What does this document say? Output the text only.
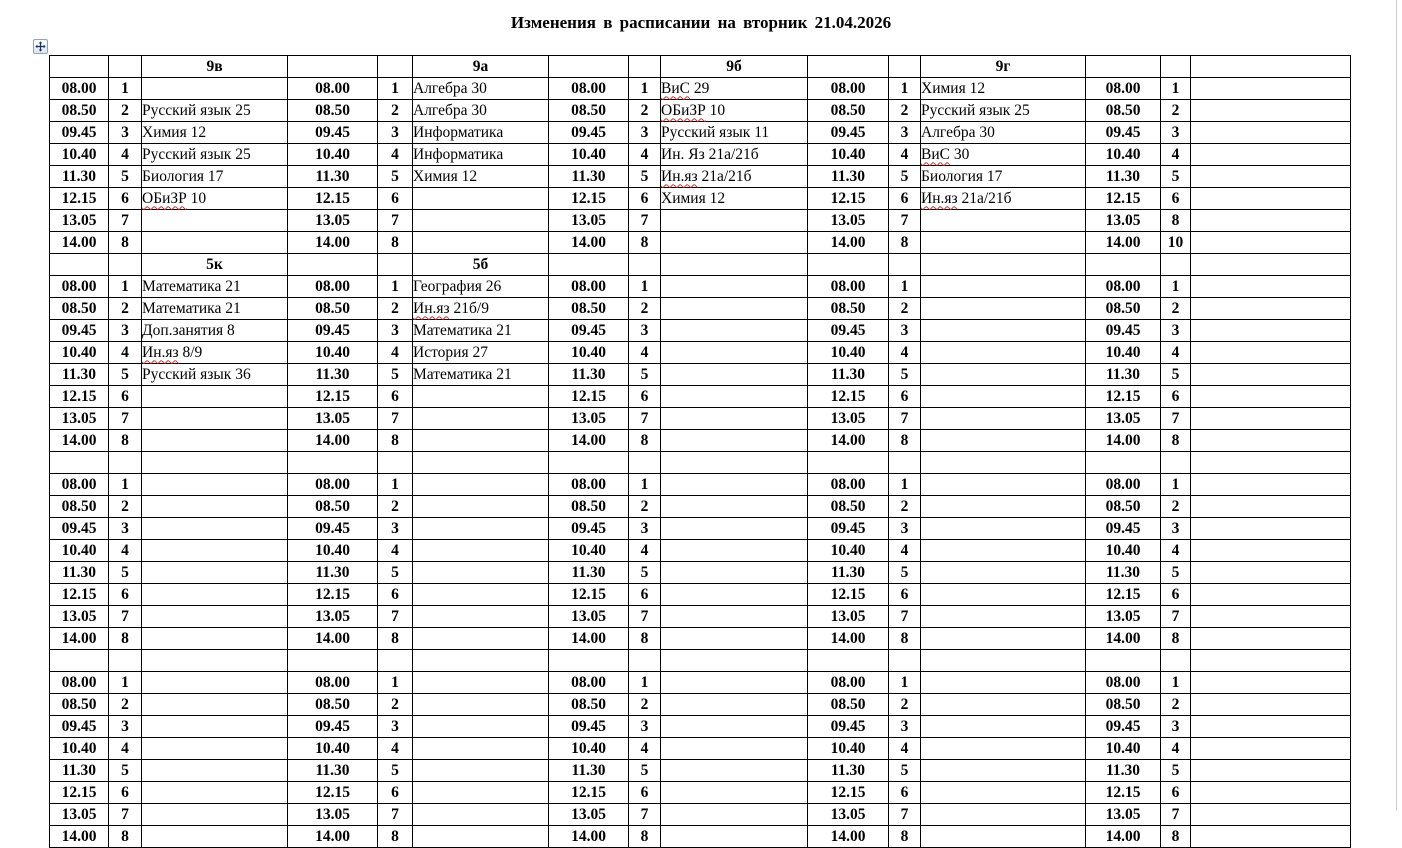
Изменения в расписании на вторник 21.04.2026
		9в			9а			9б			9г			
08.00	1		08.00	1	Алгебра 30	08.00	1	ВиС 29	08.00	1	Химия 12	08.00	1	
08.50	2	Русский язык 25	08.50	2	Алгебра 30	08.50	2	ОБиЗР 10	08.50	2	Русский язык 25	08.50	2	
09.45	3	Химия 12	09.45	3	Информатика	09.45	3	Русский язык 11	09.45	3	Алгебра 30	09.45	3	
10.40	4	Русский язык 25	10.40	4	Информатика	10.40	4	Ин. Яз 21а/21б	10.40	4	ВиС 30	10.40	4	
11.30	5	Биология 17	11.30	5	Химия 12	11.30	5	Ин.яз 21а/21б	11.30	5	Биология 17	11.30	5	
12.15	6	ОБиЗР 10	12.15	6		12.15	6	Химия 12	12.15	6	Ин.яз 21а/21б	12.15	6	
13.05	7		13.05	7		13.05	7		13.05	7		13.05	8	
14.00	8		14.00	8		14.00	8		14.00	8		14.00	10	
		5к			5б									
08.00	1	Математика 21	08.00	1	География 26	08.00	1		08.00	1		08.00	1	
08.50	2	Математика 21	08.50	2	Ин.яз 21б/9	08.50	2		08.50	2		08.50	2	
09.45	3	Доп.занятия 8	09.45	3	Математика 21	09.45	3		09.45	3		09.45	3	
10.40	4	Ин.яз 8/9	10.40	4	История 27	10.40	4		10.40	4		10.40	4	
11.30	5	Русский язык 36	11.30	5	Математика 21	11.30	5		11.30	5		11.30	5	
12.15	6		12.15	6		12.15	6		12.15	6		12.15	6	
13.05	7		13.05	7		13.05	7		13.05	7		13.05	7	
14.00	8		14.00	8		14.00	8		14.00	8		14.00	8	

08.00	1		08.00	1		08.00	1		08.00	1		08.00	1	
08.50	2		08.50	2		08.50	2		08.50	2		08.50	2	
09.45	3		09.45	3		09.45	3		09.45	3		09.45	3	
10.40	4		10.40	4		10.40	4		10.40	4		10.40	4	
11.30	5		11.30	5		11.30	5		11.30	5		11.30	5	
12.15	6		12.15	6		12.15	6		12.15	6		12.15	6	
13.05	7		13.05	7		13.05	7		13.05	7		13.05	7	
14.00	8		14.00	8		14.00	8		14.00	8		14.00	8	

08.00	1		08.00	1		08.00	1		08.00	1		08.00	1	
08.50	2		08.50	2		08.50	2		08.50	2		08.50	2	
09.45	3		09.45	3		09.45	3		09.45	3		09.45	3	
10.40	4		10.40	4		10.40	4		10.40	4		10.40	4	
11.30	5		11.30	5		11.30	5		11.30	5		11.30	5	
12.15	6		12.15	6		12.15	6		12.15	6		12.15	6	
13.05	7		13.05	7		13.05	7		13.05	7		13.05	7	
14.00	8		14.00	8		14.00	8		14.00	8		14.00	8	
